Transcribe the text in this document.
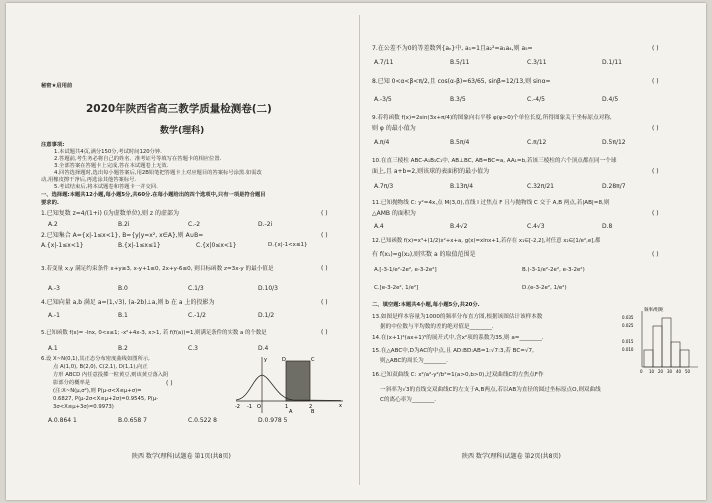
秘密★启用前
2020年陕西省高三教学质量检测卷(二)
数学(理科)
注意事项:
1.本试题共4页,满分150分,考试时间120分钟.
2.答题前,考生务必将自己的姓名、准考证号等填写在答题卡的相应位置.
3.全部答案在答题卡上完成,答在本试题卷上无效.
4.回答选择题时,选出每小题答案后,用2B铅笔把答题卡上对应题目的答案标号涂黑.如需改
动,用橡皮擦干净后,再选涂其他答案标号.
5.考试结束后,将本试题卷和答题卡一并交回.
一、选择题:本题共12小题,每小题5分,共60分.在每小题给出的四个选项中,只有一项是符合题目
要求的.
1.已知复数 z=4/(1+i) (i为虚数单位),则 z 的虚部为	( )
A.2	B.2i	C.-2	D.-2i
2.已知集合 A={x|-1≤x<1}, B={y|y=x², x∈A},则 A∪B=	( )
A.{x|-1≤x<1}	B.{x|-1≤x≤1}	C.{x|0≤x<1}	D.{x|-1<x≤1}
3.若变量 x,y 满足约束条件 x+y≥3, x-y+1≤0, 2x+y-6≤0, 则目标函数 z=3x-y 的最小值是	( )
A.-3	B.0	C.1/3	D.10/3
4.已知向量 a,b 满足 a=(1,√3), (a-2b)⊥a,则 b 在 a 上的投影为	( )
A.-1	B.1	C.-1/2	D.1/2
5.已知函数 f(x)= -lnx, 0<x≤1; -x²+4x-3, x>1, 若 f(f(a))=1,则满足条件的实数 a 的个数是	( )
A.1	B.2	C.3	D.4
6.设 X~N(0,1),其正态分布密度曲线如图所示,
点 A(1,0), B(2,0), C(2,1), D(1,1),向正
方形 ABCD 内任意投掷一粒黄豆,则该黄豆落入阴
影部分的概率是	( )
(注:X~N(μ,σ²),则 P(μ-σ<X≤μ+σ)=
0.6827, P(μ-2σ<X≤μ+2σ)=0.9545, P(μ-
3σ<X≤μ+3σ)=0.9973)
A.0.864 1	B.0.658 7	C.0.522 8	D.0.978 5
y
x
O	1
-1	2
-2
C
D
A	B
陕西 数学(理科)试题卷 第1页(共8页)
7.在公差不为0的等差数列{aₙ}中, a₁=1且a₂²=a₁a₄,则 a₅=	( )
A.7/11	B.5/11	C.3/11	D.1/11
8.已知 0<α<β<π/2,且 cos(α-β)=63/65, sinβ=12/13,则 sinα=	( )
A.-3/5	B.3/5	C.-4/5	D.4/5
9.若将函数 f(x)=2sin(3x+π/4)的图象向右平移 φ(φ>0)个单位长度,所得图象关于坐标原点对称,
则 φ 的最小值为	( )
A.π/4	B.5π/4	C.π/12	D.5π/12
10.在直三棱柱 ABC-A₁B₁C₁中, AB⊥BC, AB=BC=a, AA₁=b,若该三棱柱的六个顶点都在同一个球
面上,且 a+b=2,则该球的表面积的最小值为	( )
A.7π/3	B.13π/4	C.32π/21	D.28π/7
11.已知抛物线 C: y²=4x,点 M(3,0),直线 l 过焦点 F 且与抛物线 C 交于 A,B 两点,若|AB|=8,则
△AMB 的面积为	( )
A.4	B.4√2	C.4√3	D.8
12.已知函数 f(x)=x³+(1/2)x²+x+a, g(x)=xlnx+1,若存在 x₁∈[-2,2],对任意 x₂∈[1/e²,e],都
有 f(x₁)=g(x₂),则实数 a 的取值范围是	( )
A.[-3-1/e²-2e², e-3-2e²]	B.(-3-1/e²-2e², e-3-2e²)
C.[e-3-2e², 1/e²]	D.(e-3-2e², 1/e²)
二、填空题:本题共4小题,每小题5分,共20分.
13.如图是样本容量为1000的频率分布直方图,根据该图估计该样本数
据的中位数与平均数的差的绝对值是________.
14.在(x+1)⁴(ax+1)⁵的展开式中,含x²项的系数为35,则 a=________.
15.在△ABC中,D为AC的中点,且 AD:BD:AB=1:√7:3,若 BC=√7,
则△ABC的周长为________.
16.已知双曲线 C: x²/a²-y²/b²=1(a>0,b>0),过双曲线C的左焦点F作
一斜率为√3的直线交双曲线C的左支于A,B两点,若以AB为直径的圆过坐标原点O,则双曲线
C的离心率为________.
频率/组距
0.035
0.025
0.015
0.010
0 10 20 30 40 50
陕西 数学(理科)试题卷 第2页(共8页)
